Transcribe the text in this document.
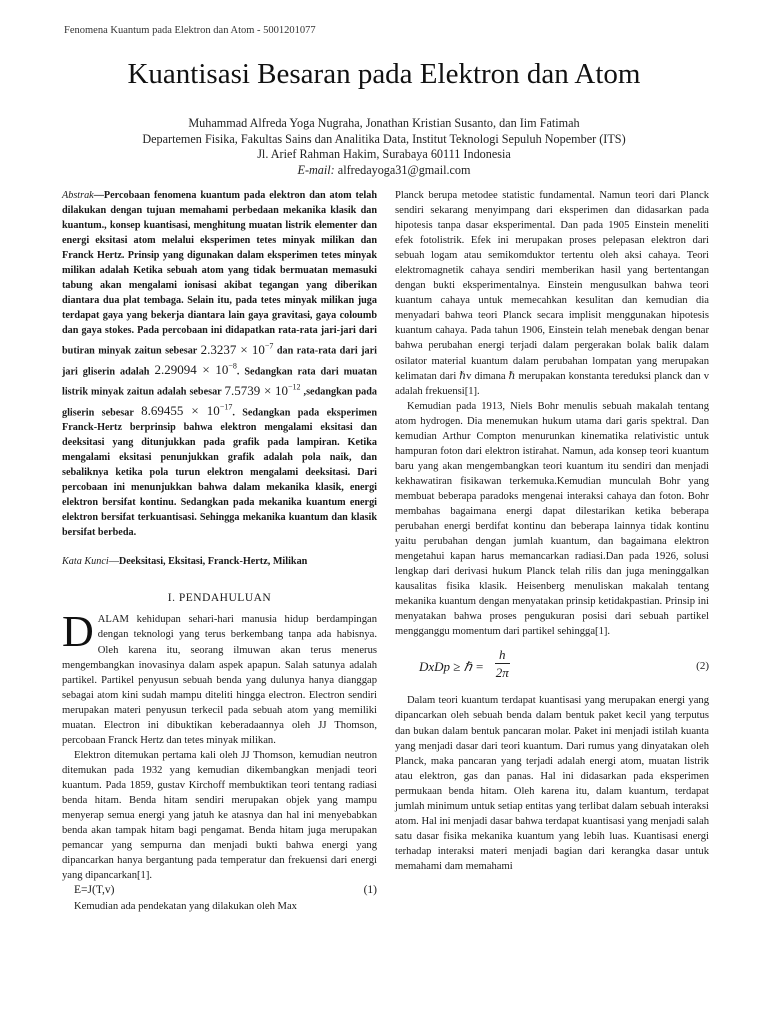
Fenomena Kuantum pada Elektron dan Atom - 5001201077
Kuantisasi Besaran pada Elektron dan Atom
Muhammad Alfreda Yoga Nugraha, Jonathan Kristian Susanto, dan Iim Fatimah
Departemen Fisika, Fakultas Sains dan Analitika Data, Institut Teknologi Sepuluh Nopember (ITS)
Jl. Arief Rahman Hakim, Surabaya 60111 Indonesia
E-mail: alfredayoga31@gmail.com

Abstrak—Percobaan fenomena kuantum pada elektron dan atom telah dilakukan dengan tujuan memahami perbedaan mekanika klasik dan kuantum., konsep kuantisasi, menghitung muatan listrik elementer dan energi eksitasi atom melalui eksperimen tetes minyak milikan dan Franck Hertz. Prinsip yang digunakan dalam eksperimen tetes minyak milikan adalah Ketika sebuah atom yang tidak bermuatan memasuki tabung akan mengalami ionisasi akibat tegangan yang diberikan diantara dua plat tembaga. Selain itu, pada tetes minyak milikan juga terdapat gaya yang bekerja diantara lain gaya gravitasi, gaya coloumb dan gaya stokes. Pada percobaan ini didapatkan rata-rata jari-jari dari butiran minyak zaitun sebesar $2.3237 \times 10^{-7}$ dan rata-rata dari jari jari gliserin adalah $2.29094 \times 10^{-8}$. Sedangkan rata dari muatan listrik minyak zaitun adalah sebesar $7.5739 \times 10^{-12}$ ,sedangkan pada gliserin sebesar $8.69455 \times 10^{-17}$. Sedangkan pada eksperimen Franck-Hertz berprinsip bahwa elektron mengalami eksitasi dan deeksitasi yang ditunjukkan pada grafik pada lampiran. Ketika mengalami eksitasi penunjukkan grafik adalah pola naik, dan sebaliknya ketika pola turun elektron mengalami deeksitasi. Dari percobaan ini menunjukkan bahwa dalam mekanika klasik, energi elektron bersifat kontinu. Sedangkan pada mekanika kuantum energi elektron bersifat terkuantisasi. Sehingga mekanika kuantum dan klasik bersifat berbeda.

Kata Kunci—Deeksitasi, Eksitasi, Franck-Hertz, Milikan

I. PENDAHULUAN

DALAM kehidupan sehari-hari manusia hidup berdampingan dengan teknologi yang terus berkembang tanpa ada habisnya. Oleh karena itu, seorang ilmuwan akan terus menerus mengembangkan inovasinya dalam aspek apapun. Salah satunya adalah partikel. Partikel penyusun sebuah benda yang dulunya hanya dianggap sebagai atom kini sudah mampu diteliti hingga electron. Electron sendiri merupakan materi penyusun terkecil pada sebuah atom yang memiliki muatan. Electron ini dibuktikan keberadaannya oleh JJ Thomson, percobaan Franck Hertz dan tetes minyak milikan.

Elektron ditemukan pertama kali oleh JJ Thomson, kemudian neutron ditemukan pada 1932 yang kemudian dikembangkan menjadi teori kuantum. Pada 1859, gustav Kirchoff membuktikan teori tentang radiasi benda hitam. Benda hitam sendiri merupakan objek yang mampu menyerap semua energi yang jatuh ke atasnya dan hal ini menyebabkan benda akan tampak hitam bagi pengamat. Benda hitam juga merupakan pemancar yang sempurna dan menjadi bukti bahwa energi yang dipancarkan hanya bergantung pada temperatur dan frekuensi dari energi yang dipancarkan[1].

E=J(T,v)	(1)

Kemudian ada pendekatan yang dilakukan oleh Max

Planck berupa metodee statistic fundamental. Namun teori dari Planck sendiri sekarang menyimpang dari eksperimen dan didasarkan pada hipotesis tanpa dasar eksperimental. Dan pada 1905 Einstein meneliti efek fotolistrik. Efek ini merupakan proses pelepasan elektron dari sebuah logam atau semikomduktor tertentu oleh aksi cahaya. Teori elektromagnetik cahaya sendiri memberikan hasil yang bertentangan dengan bukti eksperimentalnya. Einstein mengusulkan bahwa teori kuantum cahaya untuk memecahkan kesulitan dan kemudian dia menyadari bahwa teori Planck secara implisit menggunakan hipotesis kuantum cahaya. Pada tahun 1906, Einstein telah menebak dengan benar bahwa perubahan energi terjadi dalam pergerakan bolak balik dalam osilator material kuantum dalam perubahan lompatan yang merupakan kelimatan dari ℏv dimana ℏ merupakan konstanta tereduksi planck dan v adalah frekuensi[1].

Kemudian pada 1913, Niels Bohr menulis sebuah makalah tentang atom hydrogen. Dia menemukan hukum utama dari garis spektral. Dan kemudian Arthur Compton menurunkan kinematika relativistic untuk hampuran foton dari elektron istirahat. Namun, ada konsep teori kuantum baru yang akan mengembangkan teori kuantum itu sendiri dan menjadi kekhawatiran fisikawan terkemuka.Kemudian munculah Bohr yang membuat beberapa paradoks mengenai interaksi cahaya dan foton. Bohr membahas bagaimana energi dapat dilestarikan ketika beberapa perubahan energi berdifat kontinu dan beberapa lainnya tidak kontinu yaitu perubahan dengan jumlah kuantum, dan bagaimana elektron mengetahui kapan harus memancarkan radiasi.Dan pada 1926, solusi lengkap dari derivasi hukum Planck telah rilis dan juga meninggalkan kausalitas fisika klasik. Heisenberg menuliskan makalah tentang mekanika kuantum dengan menyatakan prinsip ketidakpastian. Prinsip ini menyatakan bahwa proses pengukuran posisi dari sebuah partikel mengganggu momentum dari partikel sehingga[1].

DxDp ≥ ℏ = $\frac{h}{2\pi}$	(2)

Dalam teori kuantum terdapat kuantisasi yang merupakan energi yang dipancarkan oleh sebuah benda dalam bentuk paket kecil yang terputus dan bukan dalam bentuk pancaran molar. Paket ini menjadi istilah kuanta yang menjadi dasar dari teori kuantum. Dari rumus yang dinyatakan oleh Planck, maka pancaran yang terjadi adalah energi atom, muatan listrik atau elektron, gas dan panas. Hal ini didasarkan pada eksperimen permukaan benda hitam. Oleh karena itu, dalam kuantum, terdapat jumlah minimum untuk setiap entitas yang terlibat dalam sebuah interaksi atom. Hal ini menjadi dasar bahwa terdapat kuantisasi yang menjadi salah satu dasar fisika mekanika kuantum yang lebih luas. Kuantisasi energi terhadap interaksi materi menjadi bagian dari kerangka dasar untuk memahami dam memahami
